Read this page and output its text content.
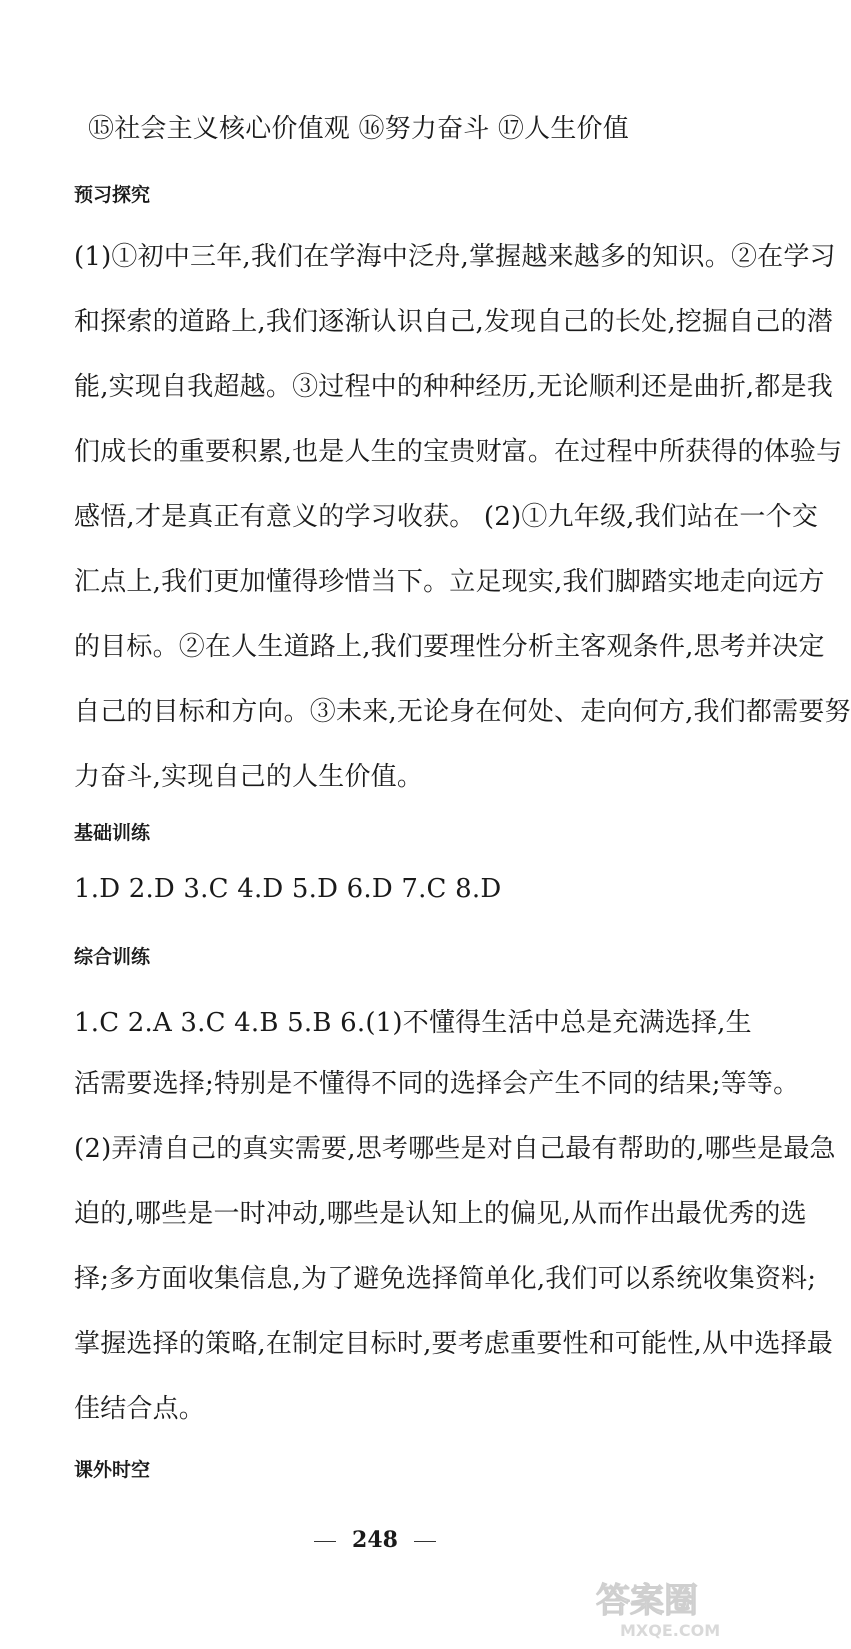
⑮社会主义核心价值观 ⑯努力奋斗 ⑰人生价值
预习探究
(1)①初中三年,我们在学海中泛舟,掌握越来越多的知识。②在学习
和探索的道路上,我们逐渐认识自己,发现自己的长处,挖掘自己的潜
能,实现自我超越。③过程中的种种经历,无论顺利还是曲折,都是我
们成长的重要积累,也是人生的宝贵财富。在过程中所获得的体验与
感悟,才是真正有意义的学习收获。 (2)①九年级,我们站在一个交
汇点上,我们更加懂得珍惜当下。立足现实,我们脚踏实地走向远方
的目标。②在人生道路上,我们要理性分析主客观条件,思考并决定
自己的目标和方向。③未来,无论身在何处、走向何方,我们都需要努
力奋斗,实现自己的人生价值。
基础训练
1.D 2.D 3.C 4.D 5.D 6.D 7.C 8.D
综合训练
1.C 2.A 3.C 4.B 5.B 6.(1)不懂得生活中总是充满选择,生
活需要选择;特别是不懂得不同的选择会产生不同的结果;等等。
(2)弄清自己的真实需要,思考哪些是对自己最有帮助的,哪些是最急
迫的,哪些是一时冲动,哪些是认知上的偏见,从而作出最优秀的选
择;多方面收集信息,为了避免选择简单化,我们可以系统收集资料;
掌握选择的策略,在制定目标时,要考虑重要性和可能性,从中选择最
佳结合点。
课外时空
248
答案圈
MXQE.COM
